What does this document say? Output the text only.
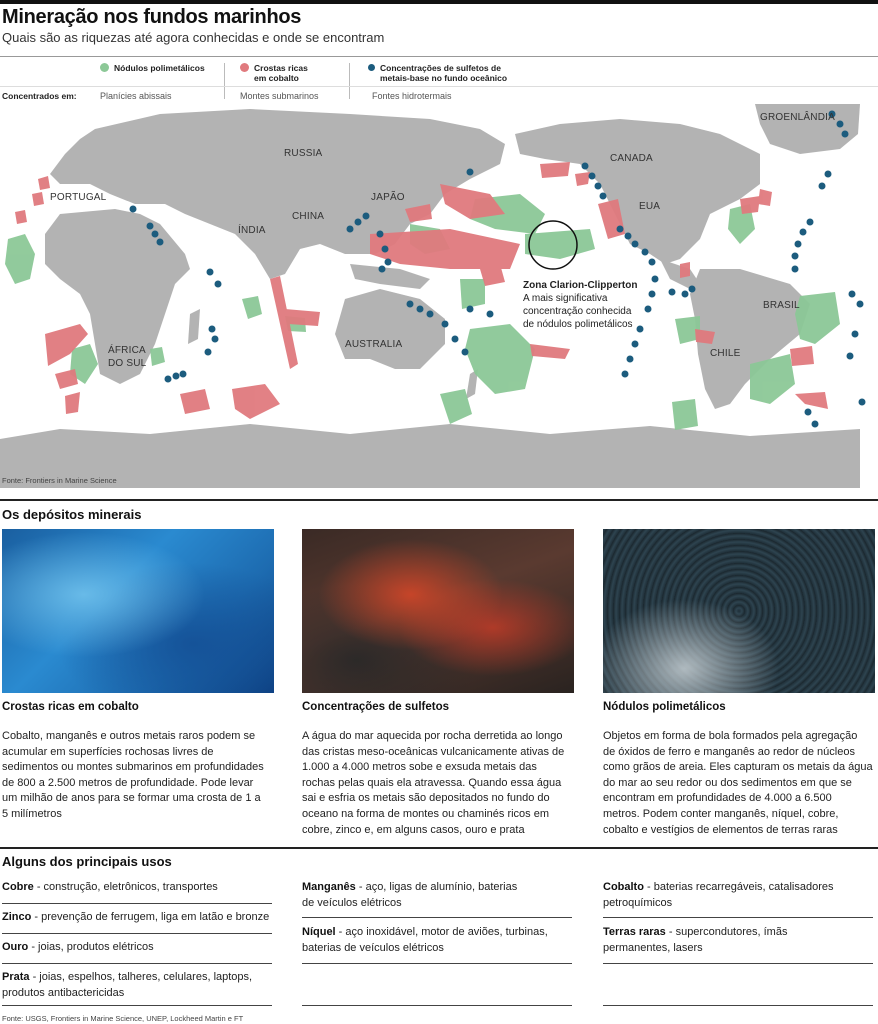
Mineração nos fundos marinhos
Quais são as riquezas até agora conhecidas e onde se encontram
Nódulos polimetálicos	Crostas ricas
em cobalto
Concentrações de sulfetos de
metais-base no fundo oceânico
Concentrados em:	Planícies abissais	Montes submarinos	Fontes hidrotermais
RUSSIA
GROENLÂNDIA
CANADA
PORTUGAL
CHINA
JAPÃO
EUA
ÍNDIA
ÁFRICA
DO SUL
AUSTRALIA
BRASIL
CHILE
Zona Clarion-Clipperton
A mais significativa
concentração conhecida
de nódulos polimetálicos
Fonte: Frontiers in Marine Science
Os depósitos minerais
Crostas ricas em cobalto	Concentrações de sulfetos	Nódulos polimetálicos
Cobalto, manganês e outros metais raros podem se
acumular em superfícies rochosas livres de
sedimentos ou montes submarinos em profundidades
de 800 a 2.500 metros de profundidade. Pode levar
um milhão de anos para se formar uma crosta de 1 a
5 milímetros
A água do mar aquecida por rocha derretida ao longo
das cristas meso-oceânicas vulcanicamente ativas de
1.000 a 4.000 metros sobe e exsuda metais das
rochas pelas quais ela atravessa. Quando essa água
sai e esfria os metais são depositados no fundo do
oceano na forma de montes ou chaminés ricos em
cobre, zinco e, em alguns casos, ouro e prata
Objetos em forma de bola formados pela agregação
de óxidos de ferro e manganês ao redor de núcleos
como grãos de areia. Eles capturam os metais da água
do mar ao seu redor ou dos sedimentos em que se
encontram em profundidades de 4.000 a 6.500
metros. Podem conter manganês, níquel, cobre,
cobalto e vestígios de elementos de terras raras
Alguns dos principais usos
Cobre - construção, eletrônicos, transportes
Zinco - prevenção de ferrugem, liga em latão e bronze
Ouro - joias, produtos elétricos
Prata - joias, espelhos, talheres, celulares, laptops,
produtos antibactericidas
Manganês - aço, ligas de alumínio, baterias
de veículos elétricos
Níquel - aço inoxidável, motor de aviões, turbinas,
baterias de veículos elétricos
Cobalto - baterias recarregáveis, catalisadores
petroquímicos
Terras raras - supercondutores, ímãs
permanentes, lasers
Fonte: USGS, Frontiers in Marine Science, UNEP, Lockheed Martin e FT
